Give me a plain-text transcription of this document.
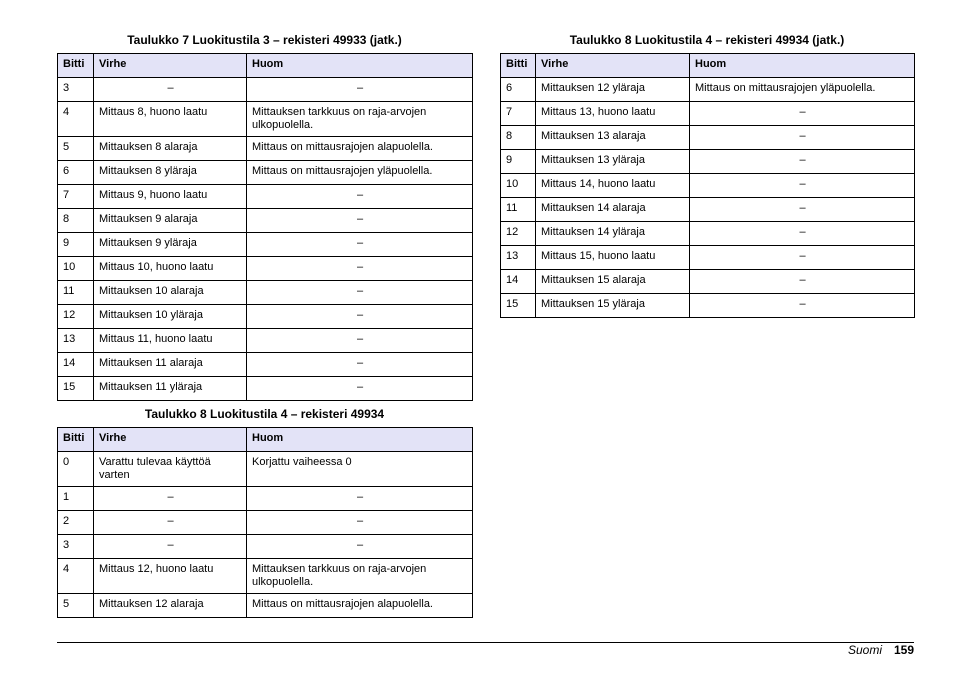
Taulukko 7 Luokitustila 3 – rekisteri 49933 (jatk.)
Bitti	Virhe	Huom
3	–	–
4	Mittaus 8, huono laatu	Mittauksen tarkkuus on raja-arvojen ulkopuolella.
5	Mittauksen 8 alaraja	Mittaus on mittausrajojen alapuolella.
6	Mittauksen 8 yläraja	Mittaus on mittausrajojen yläpuolella.
7	Mittaus 9, huono laatu	–
8	Mittauksen 9 alaraja	–
9	Mittauksen 9 yläraja	–
10	Mittaus 10, huono laatu	–
11	Mittauksen 10 alaraja	–
12	Mittauksen 10 yläraja	–
13	Mittaus 11, huono laatu	–
14	Mittauksen 11 alaraja	–
15	Mittauksen 11 yläraja	–
Taulukko 8 Luokitustila 4 – rekisteri 49934
Bitti	Virhe	Huom
0	Varattu tulevaa käyttöä varten	Korjattu vaiheessa 0
1	–	–
2	–	–
3	–	–
4	Mittaus 12, huono laatu	Mittauksen tarkkuus on raja-arvojen ulkopuolella.
5	Mittauksen 12 alaraja	Mittaus on mittausrajojen alapuolella.
Taulukko 8 Luokitustila 4 – rekisteri 49934 (jatk.)
Bitti	Virhe	Huom
6	Mittauksen 12 yläraja	Mittaus on mittausrajojen yläpuolella.
7	Mittaus 13, huono laatu	–
8	Mittauksen 13 alaraja	–
9	Mittauksen 13 yläraja	–
10	Mittaus 14, huono laatu	–
11	Mittauksen 14 alaraja	–
12	Mittauksen 14 yläraja	–
13	Mittaus 15, huono laatu	–
14	Mittauksen 15 alaraja	–
15	Mittauksen 15 yläraja	–
Suomi 159
